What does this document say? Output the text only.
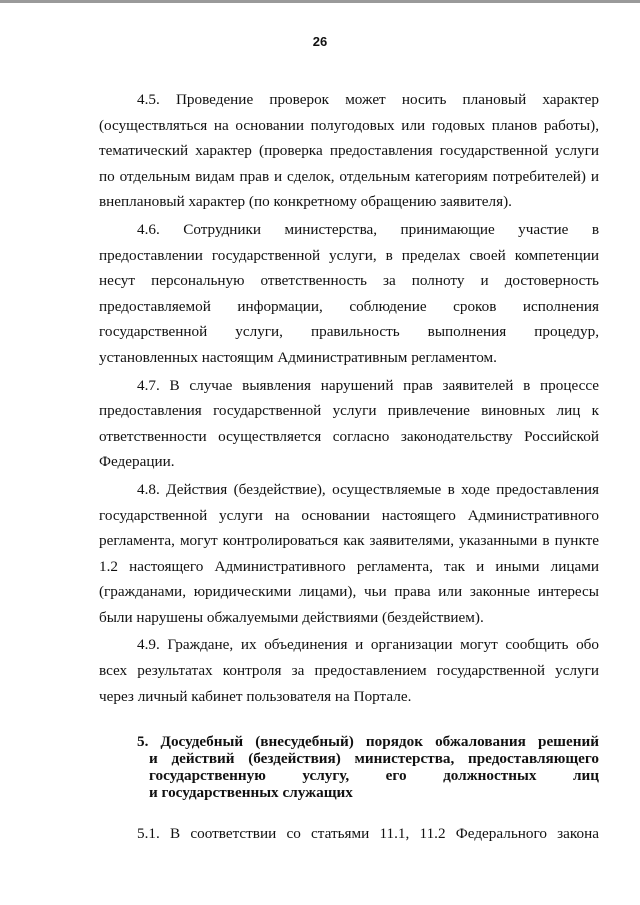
26

4.5. Проведение проверок может носить плановый характер (осуществляться на основании полугодовых или годовых планов работы), тематический характер (проверка предоставления государственной услуги по отдельным видам прав и сделок, отдельным категориям потребителей) и внеплановый характер (по конкретному обращению заявителя).

4.6. Сотрудники министерства, принимающие участие в предоставлении государственной услуги, в пределах своей компетенции несут персональную ответственность за полноту и достоверность предоставляемой информации, соблюдение сроков исполнения государственной услуги, правильность выполнения процедур, установленных настоящим Административным регламентом.

4.7. В случае выявления нарушений прав заявителей в процессе предоставления государственной услуги привлечение виновных лиц к ответственности осуществляется согласно законодательству Российской Федерации.

4.8. Действия (бездействие), осуществляемые в ходе предоставления государственной услуги на основании настоящего Административного регламента, могут контролироваться как заявителями, указанными в пункте 1.2 настоящего Административного регламента, так и иными лицами (гражданами, юридическими лицами), чьи права или законные интересы были нарушены обжалуемыми действиями (бездействием).

4.9. Граждане, их объединения и организации могут сообщить обо всех результатах контроля за предоставлением государственной услуги через личный кабинет пользователя на Портале.

5. Досудебный (внесудебный) порядок обжалования решений
и действий (бездействия) министерства, предоставляющего
государственную услугу, его должностных лиц
и государственных служащих

5.1. В соответствии со статьями 11.1, 11.2 Федерального закона
